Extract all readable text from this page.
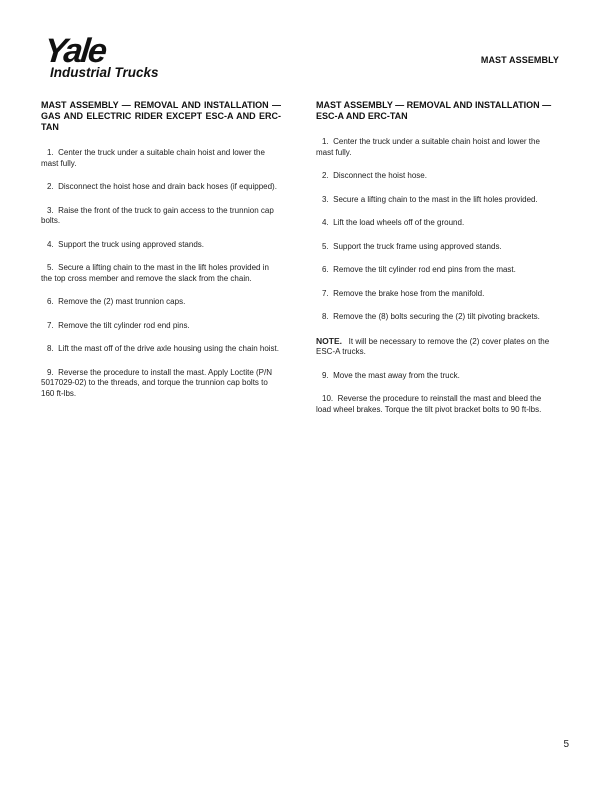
Yale
Industrial Trucks
MAST ASSEMBLY
MAST ASSEMBLY — REMOVAL AND INSTALLATION — GAS AND ELECTRIC RIDER EXCEPT ESC-A AND ERC-TAN
1. Center the truck under a suitable chain hoist and lower the mast fully.
2. Disconnect the hoist hose and drain back hoses (if equipped).
3. Raise the front of the truck to gain access to the trunnion cap bolts.
4. Support the truck using approved stands.
5. Secure a lifting chain to the mast in the lift holes provided in the top cross member and remove the slack from the chain.
6. Remove the (2) mast trunnion caps.
7. Remove the tilt cylinder rod end pins.
8. Lift the mast off of the drive axle housing using the chain hoist.
9. Reverse the procedure to install the mast. Apply Loctite (P/N 5017029-02) to the threads, and torque the trunnion cap bolts to 160 ft-lbs.
MAST ASSEMBLY — REMOVAL AND INSTALLATION — ESC-A AND ERC-TAN
1. Center the truck under a suitable chain hoist and lower the mast fully.
2. Disconnect the hoist hose.
3. Secure a lifting chain to the mast in the lift holes provided.
4. Lift the load wheels off of the ground.
5. Support the truck frame using approved stands.
6. Remove the tilt cylinder rod end pins from the mast.
7. Remove the brake hose from the manifold.
8. Remove the (8) bolts securing the (2) tilt pivoting brackets.
NOTE. It will be necessary to remove the (2) cover plates on the ESC-A trucks.
9. Move the mast away from the truck.
10. Reverse the procedure to reinstall the mast and bleed the load wheel brakes. Torque the tilt pivot bracket bolts to 90 ft-lbs.
5
